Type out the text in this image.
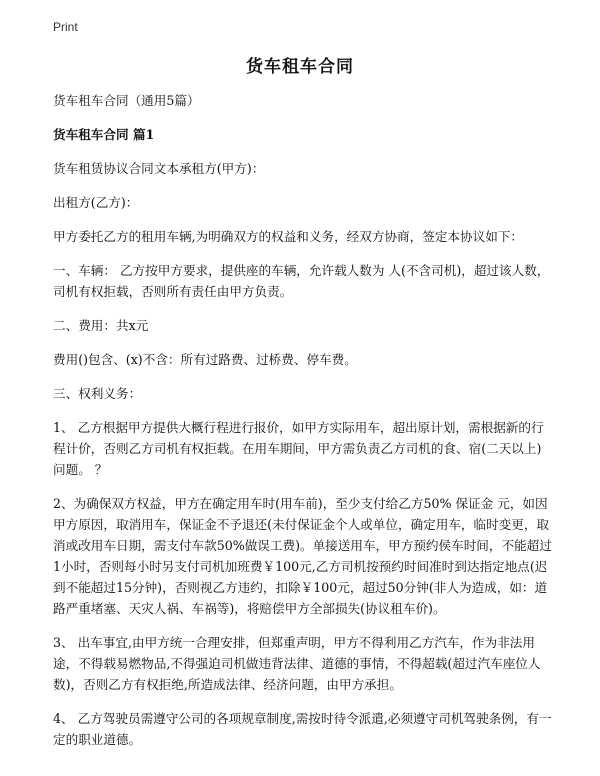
Print
货车租车合同

货车租车合同（通用5篇）

货车租车合同 篇1

货车租赁协议合同文本承租方(甲方)：

出租方(乙方)：

甲方委托乙方的租用车辆,为明确双方的权益和义务，经双方协商，签定本协议如下：

一、车辆： 乙方按甲方要求，提供座的车辆，允许载人数为 人(不含司机)，超过该人数，司机有权拒载，否则所有责任由甲方负责。

二、费用：共x元

费用()包含、(x)不含：所有过路费、过桥费、停车费。

三、权利义务：

1、 乙方根据甲方提供大概行程进行报价，如甲方实际用车，超出原计划，需根据新的行程计价，否则乙方司机有权拒载。在用车期间，甲方需负责乙方司机的食、宿(二天以上)问题。 ？

2、为确保双方权益，甲方在确定用车时(用车前)，至少支付给乙方50% 保证金 元，如因甲方原因，取消用车，保证金不予退还(未付保证金个人或单位，确定用车，临时变更，取消或改用车日期，需支付车款50%做误工费)。单接送用车，甲方预约侯车时间，不能超过1小时，否则每小时另支付司机加班费￥100元,乙方司机按预约时间准时到达指定地点(迟到不能超过15分钟)，否则视乙方违约，扣除￥100元，超过50分钟(非人为造成，如：道路严重堵塞、天灾人祸、车祸等)，将赔偿甲方全部损失(协议租车价)。

3、 出车事宜,由甲方统一合理安排，但郑重声明，甲方不得利用乙方汽车，作为非法用途，不得载易燃物品,不得强迫司机做违背法律、道德的事情，不得超载(超过汽车座位人数)，否则乙方有权拒绝,所造成法律、经济问题，由甲方承担。

4、 乙方驾驶员需遵守公司的各项规章制度,需按时待令派遣,必须遵守司机驾驶条例，有一定的职业道德。
